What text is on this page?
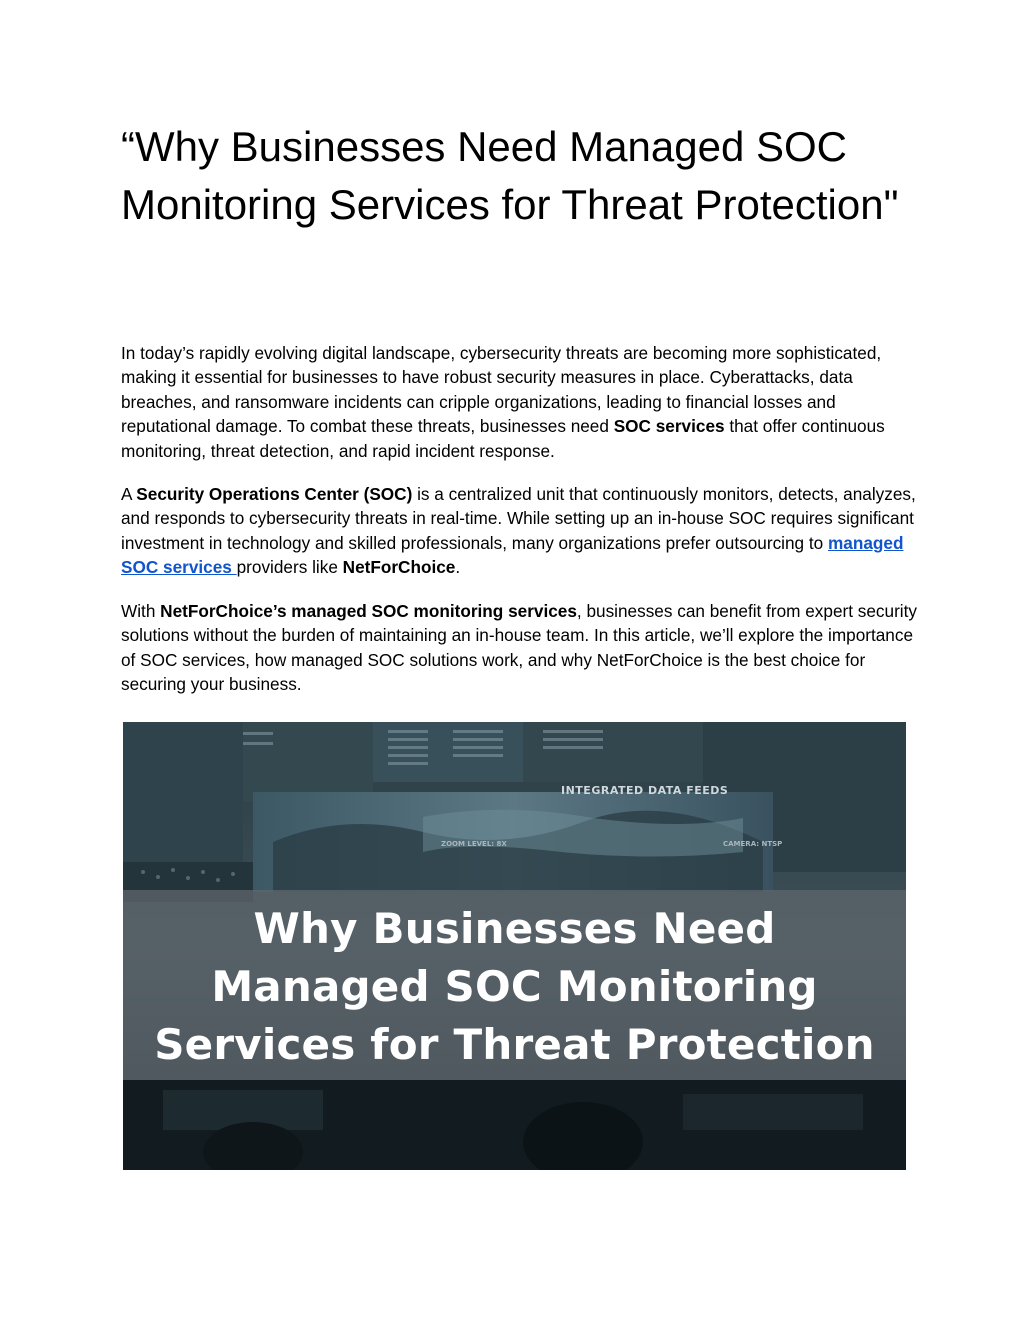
“Why Businesses Need Managed SOC Monitoring Services for Threat Protection"

In today’s rapidly evolving digital landscape, cybersecurity threats are becoming more sophisticated, making it essential for businesses to have robust security measures in place. Cyberattacks, data breaches, and ransomware incidents can cripple organizations, leading to financial losses and reputational damage. To combat these threats, businesses need SOC services that offer continuous monitoring, threat detection, and rapid incident response.

A Security Operations Center (SOC) is a centralized unit that continuously monitors, detects, analyzes, and responds to cybersecurity threats in real-time. While setting up an in-house SOC requires significant investment in technology and skilled professionals, many organizations prefer outsourcing to managed SOC services providers like NetForChoice.

With NetForChoice’s managed SOC monitoring services, businesses can benefit from expert security solutions without the burden of maintaining an in-house team. In this article, we’ll explore the importance of SOC services, how managed SOC solutions work, and why NetForChoice is the best choice for securing your business.

INTEGRATED DATA FEEDS
ZOOM LEVEL: 8X	CAMERA: NTSP

Why Businesses Need
Managed SOC Monitoring
Services for Threat Protection
